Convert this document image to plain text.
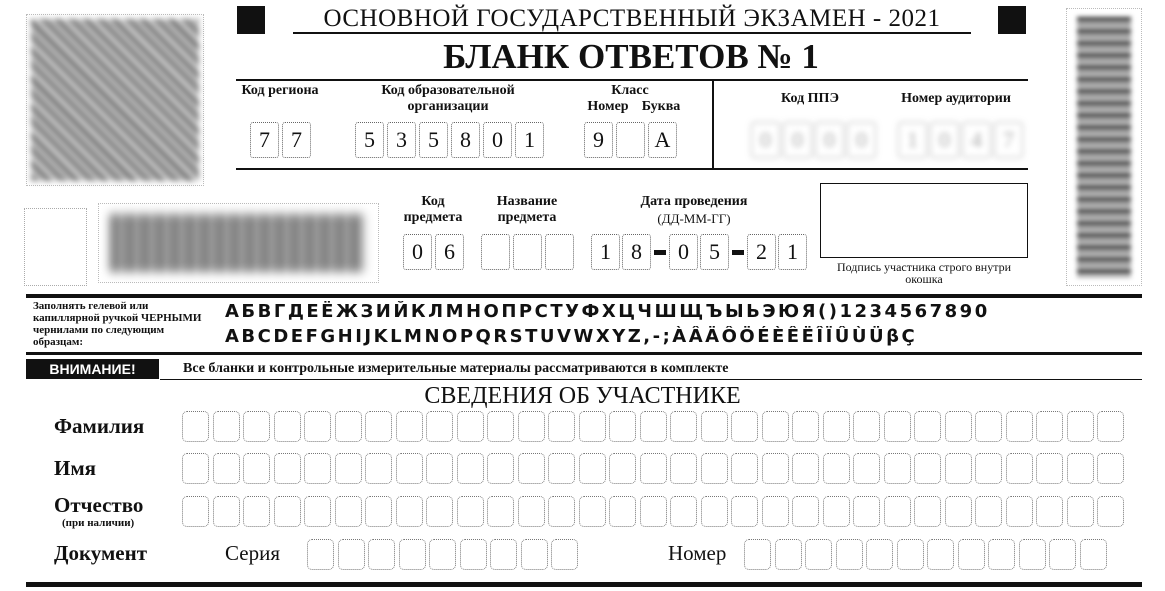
ОСНОВНОЙ ГОСУДАРСТВЕННЫЙ ЭКЗАМЕН - 2021
БЛАНК ОТВЕТОВ № 1
Код региона
7 7
Код образовательной организации
5 3 5 8 0 1
Класс
Номер Буква
9	А
Код ППЭ
0 0 0 0
Номер аудитории
1 0 4 7
Код предмета
0 6
Название предмета
Дата проведения
(ДД-ММ-ГГ)
1 8	0 5	2 1
Подпись участника строго внутри окошка
Заполнять гелевой или капиллярной ручкой ЧЕРНЫМИ чернилами по следующим образцам:
АБВГДЕЁЖЗИЙКЛМНОПРСТУФХЦЧШЩЪЫЬЭЮЯ()1234567890
ABCDEFGHIJKLMNOPQRSTUVWXYZ,-;ÀÂÄÔÖÉÈÊËÎÏÛÙÜβÇ
ВНИМАНИЕ!	Все бланки и контрольные измерительные материалы рассматриваются в комплекте
СВЕДЕНИЯ ОБ УЧАСТНИКЕ
Фамилия
Имя
Отчество
(при наличии)
Документ	Серия	Номер
